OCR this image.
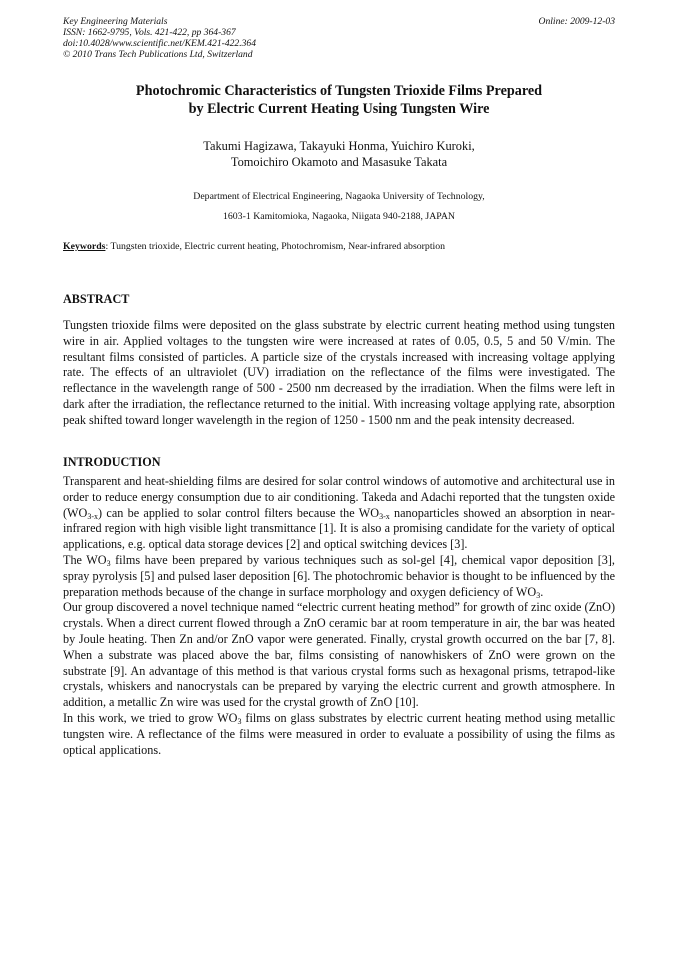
Key Engineering Materials
ISSN: 1662-9795, Vols. 421-422, pp 364-367
doi:10.4028/www.scientific.net/KEM.421-422.364
© 2010 Trans Tech Publications Ltd, Switzerland
Online: 2009-12-03
Photochromic Characteristics of Tungsten Trioxide Films Prepared
by Electric Current Heating Using Tungsten Wire
Takumi Hagizawa, Takayuki Honma, Yuichiro Kuroki,
Tomoichiro Okamoto and Masasuke Takata
Department of Electrical Engineering, Nagaoka University of Technology,
1603-1 Kamitomioka, Nagaoka, Niigata 940-2188, JAPAN
Keywords: Tungsten trioxide, Electric current heating, Photochromism, Near-infrared absorption
ABSTRACT

Tungsten trioxide films were deposited on the glass substrate by electric current heating method using tungsten wire in air. Applied voltages to the tungsten wire were increased at rates of 0.05, 0.5, 5 and 50 V/min. The resultant films consisted of particles. A particle size of the crystals increased with increasing voltage applying rate. The effects of an ultraviolet (UV) irradiation on the reflectance of the films were investigated. The reflectance in the wavelength range of 500 - 2500 nm decreased by the irradiation. When the films were left in dark after the irradiation, the reflectance returned to the initial. With increasing voltage applying rate, absorption peak shifted toward longer wavelength in the region of 1250 - 1500 nm and the peak intensity decreased.

INTRODUCTION

Transparent and heat-shielding films are desired for solar control windows of automotive and architectural use in order to reduce energy consumption due to air conditioning. Takeda and Adachi reported that the tungsten oxide $(WO_{3-x})$ can be applied to solar control filters because the $WO_{3-x}$ nanoparticles showed an absorption in near-infrared region with high visible light transmittance [1]. It is also a promising candidate for the variety of optical applications, e.g. optical data storage devices [2] and optical switching devices [3].

The $WO_3$ films have been prepared by various techniques such as sol-gel [4], chemical vapor deposition [3], spray pyrolysis [5] and pulsed laser deposition [6]. The photochromic behavior is thought to be influenced by the preparation methods because of the change in surface morphology and oxygen deficiency of $WO_3$.

Our group discovered a novel technique named “electric current heating method” for growth of zinc oxide (ZnO) crystals. When a direct current flowed through a ZnO ceramic bar at room temperature in air, the bar was heated by Joule heating. Then Zn and/or ZnO vapor were generated. Finally, crystal growth occurred on the bar [7, 8]. When a substrate was placed above the bar, films consisting of nanowhiskers of ZnO were grown on the substrate [9]. An advantage of this method is that various crystal forms such as hexagonal prisms, tetrapod-like crystals, whiskers and nanocrystals can be prepared by varying the electric current and growth atmosphere. In addition, a metallic Zn wire was used for the crystal growth of ZnO [10].

In this work, we tried to grow $WO_3$ films on glass substrates by electric current heating method using metallic tungsten wire. A reflectance of the films were measured in order to evaluate a possibility of using the films as optical applications.
